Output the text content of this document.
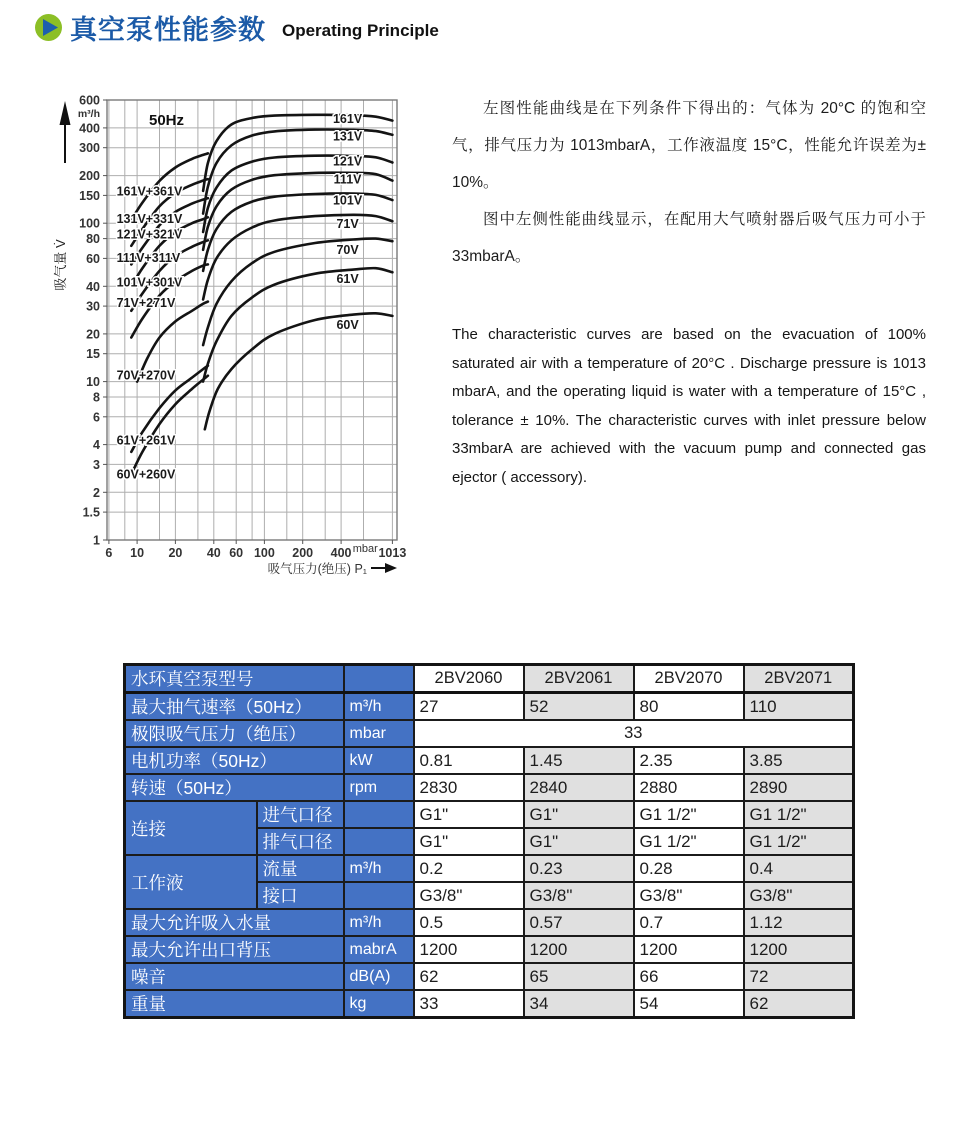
真空泵性能参数 Operating Principle
600
400
300
200
150
100
80
60
40
30
20
15
10
8
6
4
3
2
1.5
1
m³/h
6 10 20 40 60 100 200 400 1013
mbar
吸气量 V̇
50Hz
吸气压力(绝压) P₁
161V
131V
121V
111V
101V
71V
70V
61V
60V
161V+361V
131V+331V
121V+321V
111V+311V
101V+301V
71V+271V
70V+270V
61V+261V
60V+260V

左图性能曲线是在下列条件下得出的：气体为 20°C 的饱和空气，排气压力为 1013mbarA，工作液温度 15°C，性能允许误差为± 10%。

图中左侧性能曲线显示，在配用大气喷射器后吸气压力可小于 33mbarA。

The characteristic curves are based on the evacuation of 100% saturated air with a temperature of 20°C . Discharge pressure is 1013 mbarA, and the operating liquid is water with a temperature of 15°C , tolerance ± 10%. The characteristic curves with inlet pressure below 33mbarA are achieved with the vacuum pump and connected gas ejector ( accessory).

水环真空泵型号			2BV2060	2BV2061	2BV2070	2BV2071
最大抽气速率（50Hz）		m³/h	27	52	80	110
极限吸气压力（绝压）		mbar	33			
电机功率（50Hz）		kW	0.81	1.45	2.35	3.85
转速（50Hz）		rpm	2830	2840	2880	2890
连接	进气口径		G1"	G1"	G1 1/2"	G1 1/2"
	排气口径		G1"	G1"	G1 1/2"	G1 1/2"
工作液	流量	m³/h	0.2	0.23	0.28	0.4
	接口		G3/8"	G3/8"	G3/8"	G3/8"
最大允许吸入水量		m³/h	0.5	0.57	0.7	1.12
最大允许出口背压		mabrA	1200	1200	1200	1200
噪音		dB(A)	62	65	66	72
重量		kg	33	34	54	62
